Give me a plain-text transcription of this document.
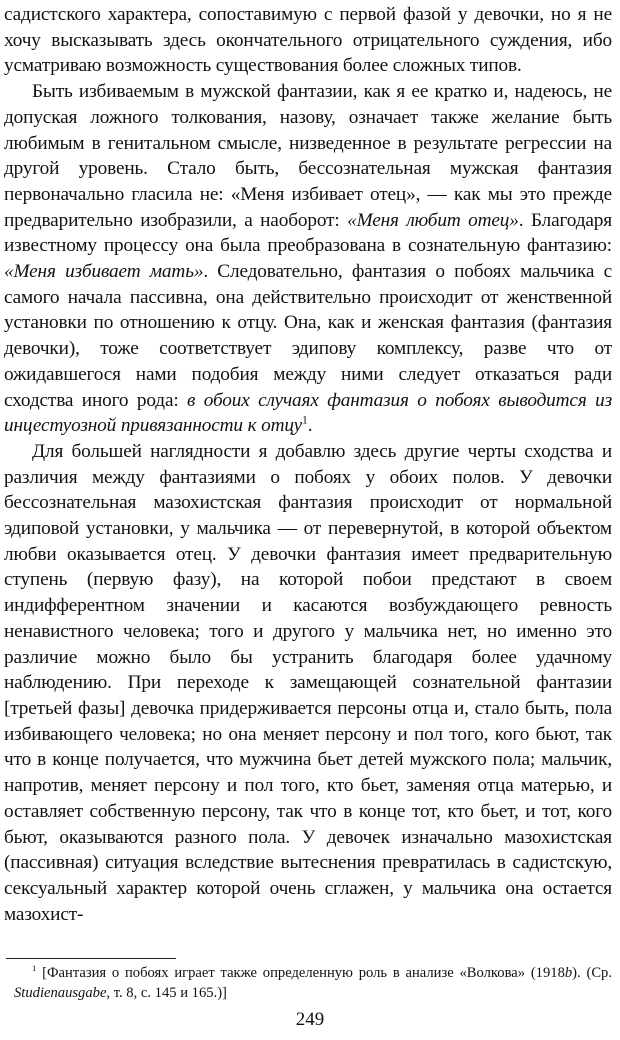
садистского характера, сопоставимую с первой фазой у девочки, но я не хочу высказывать здесь окончательного отрицательного суждения, ибо усматриваю возможность существования более сложных типов.

Быть избиваемым в мужской фантазии, как я ее кратко и, надеюсь, не допуская ложного толкования, назову, означает также желание быть любимым в генитальном смысле, низведенное в результате регрессии на другой уровень. Стало быть, бессознательная мужская фантазия первоначально гласила не: «Меня избивает отец», — как мы это прежде предварительно изобразили, а наоборот: «Меня любит отец». Благодаря известному процессу она была преобразована в сознательную фантазию: «Меня избивает мать». Следовательно, фантазия о побоях мальчика с самого начала пассивна, она действительно происходит от женственной установки по отношению к отцу. Она, как и женская фантазия (фантазия девочки), тоже соответствует эдипову комплексу, разве что от ожидавшегося нами подобия между ними следует отказаться ради сходства иного рода: в обоих случаях фантазия о побоях выводится из инцестуозной привязанности к отцу$^1$.

Для большей наглядности я добавлю здесь другие черты сходства и различия между фантазиями о побоях у обоих полов. У девочки бессознательная мазохистская фантазия происходит от нормальной эдиповой установки, у мальчика — от перевернутой, в которой объектом любви оказывается отец. У девочки фантазия имеет предварительную ступень (первую фазу), на которой побои предстают в своем индифферентном значении и касаются возбуждающего ревность ненавистного человека; того и другого у мальчика нет, но именно это различие можно было бы устранить благодаря более удачному наблюдению. При переходе к замещающей сознательной фантазии [третьей фазы] девочка придерживается персоны отца и, стало быть, пола избивающего человека; но она меняет персону и пол того, кого бьют, так что в конце получается, что мужчина бьет детей мужского пола; мальчик, напротив, меняет персону и пол того, кто бьет, заменяя отца матерью, и оставляет собственную персону, так что в конце тот, кто бьет, и тот, кого бьют, оказываются разного пола. У девочек изначально мазохистская (пассивная) ситуация вследствие вытеснения превратилась в садистскую, сексуальный характер которой очень сглажен, у мальчика она остается мазохист-

$^1$ [Фантазия о побоях играет также определенную роль в анализе «Волкова» (1918b). (Ср. Studienausgabe, т. 8, с. 145 и 165.)]
249
